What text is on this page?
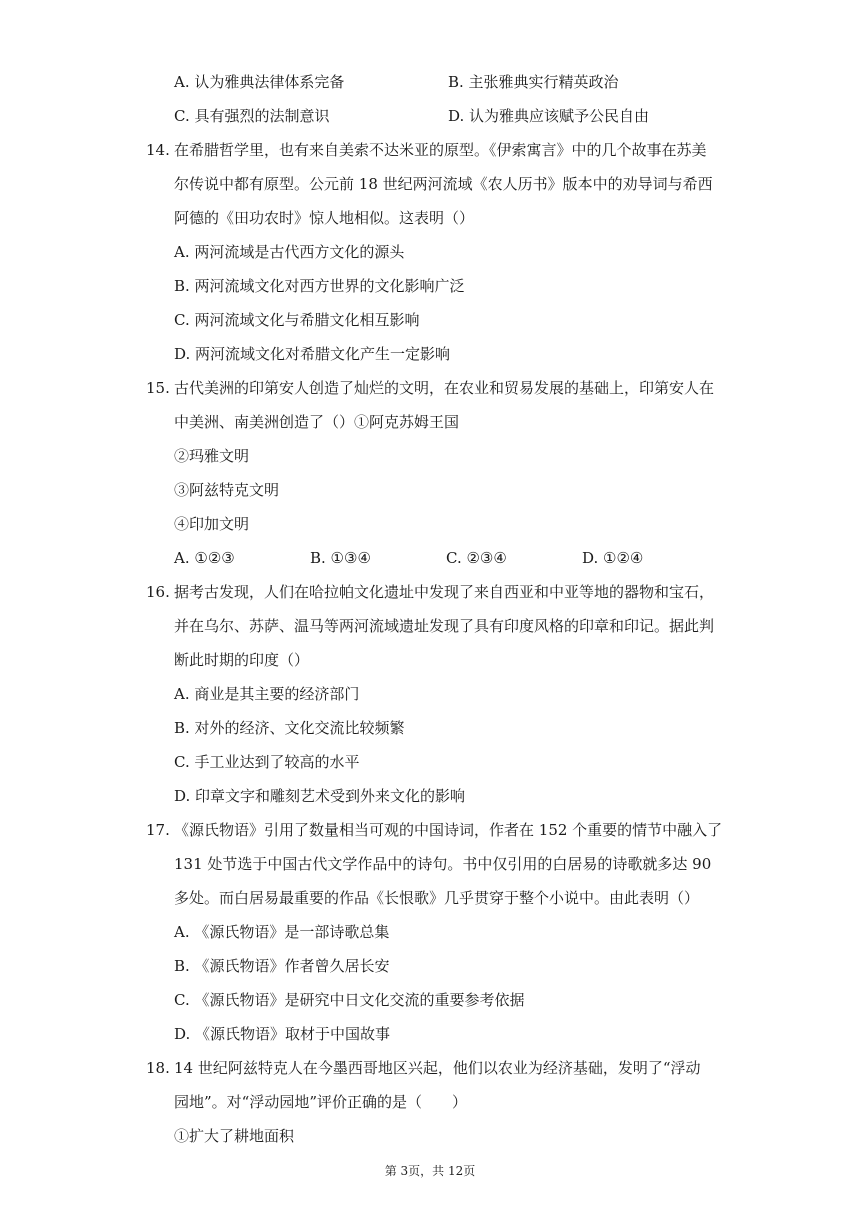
A. 认为雅典法律体系完备	B. 主张雅典实行精英政治
C. 具有强烈的法制意识	D. 认为雅典应该赋予公民自由
14. 在希腊哲学里，也有来自美索不达米亚的原型。《伊索寓言》中的几个故事在苏美
尔传说中都有原型。公元前 18 世纪两河流域《农人历书》版本中的劝导词与希西
阿德的《田功农时》惊人地相似。这表明（）
A. 两河流域是古代西方文化的源头
B. 两河流域文化对西方世界的文化影响广泛
C. 两河流域文化与希腊文化相互影响
D. 两河流域文化对希腊文化产生一定影响
15. 古代美洲的印第安人创造了灿烂的文明，在农业和贸易发展的基础上，印第安人在
中美洲、南美洲创造了（）①阿克苏姆王国
②玛雅文明
③阿兹特克文明
④印加文明
A. ①②③	B. ①③④	C. ②③④	D. ①②④
16. 据考古发现，人们在哈拉帕文化遗址中发现了来自西亚和中亚等地的器物和宝石，
并在乌尔、苏萨、温马等两河流域遗址发现了具有印度风格的印章和印记。据此判
断此时期的印度（）
A. 商业是其主要的经济部门
B. 对外的经济、文化交流比较频繁
C. 手工业达到了较高的水平
D. 印章文字和雕刻艺术受到外来文化的影响
17. 《源氏物语》引用了数量相当可观的中国诗词，作者在 152 个重要的情节中融入了
131 处节选于中国古代文学作品中的诗句。书中仅引用的白居易的诗歌就多达 90
多处。而白居易最重要的作品《长恨歌》几乎贯穿于整个小说中。由此表明（）
A. 《源氏物语》是一部诗歌总集
B. 《源氏物语》作者曾久居长安
C. 《源氏物语》是研究中日文化交流的重要参考依据
D. 《源氏物语》取材于中国故事
18. 14 世纪阿兹特克人在今墨西哥地区兴起，他们以农业为经济基础，发明了“浮动
园地”。对“浮动园地”评价正确的是（　　）
①扩大了耕地面积
第 3页，共 12页
